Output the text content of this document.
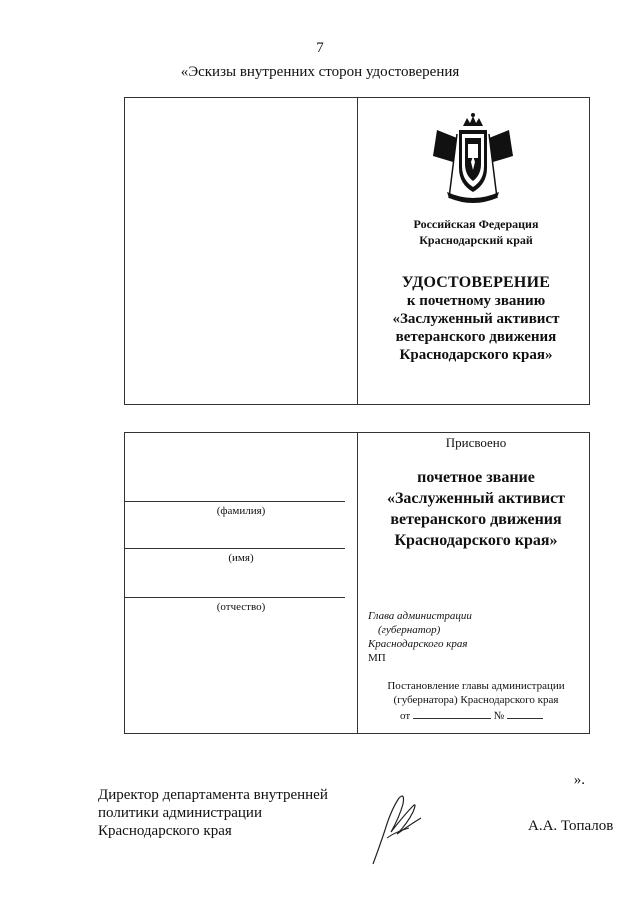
7
«Эскизы внутренних сторон удостоверения
Российская Федерация
Краснодарский край
УДОСТОВЕРЕНИЕ
к почетному званию
«Заслуженный активист
ветеранского движения
Краснодарского края»
(фамилия)
(имя)
(отчество)
Присвоено
почетное звание
«Заслуженный активист
ветеранского движения
Краснодарского края»
Глава администрации
(губернатор)
Краснодарского края
МП
Постановление главы администрации
(губернатора) Краснодарского края
от	№
».
Директор департамента внутренней
политики администрации
Краснодарского края	А.А. Топалов
